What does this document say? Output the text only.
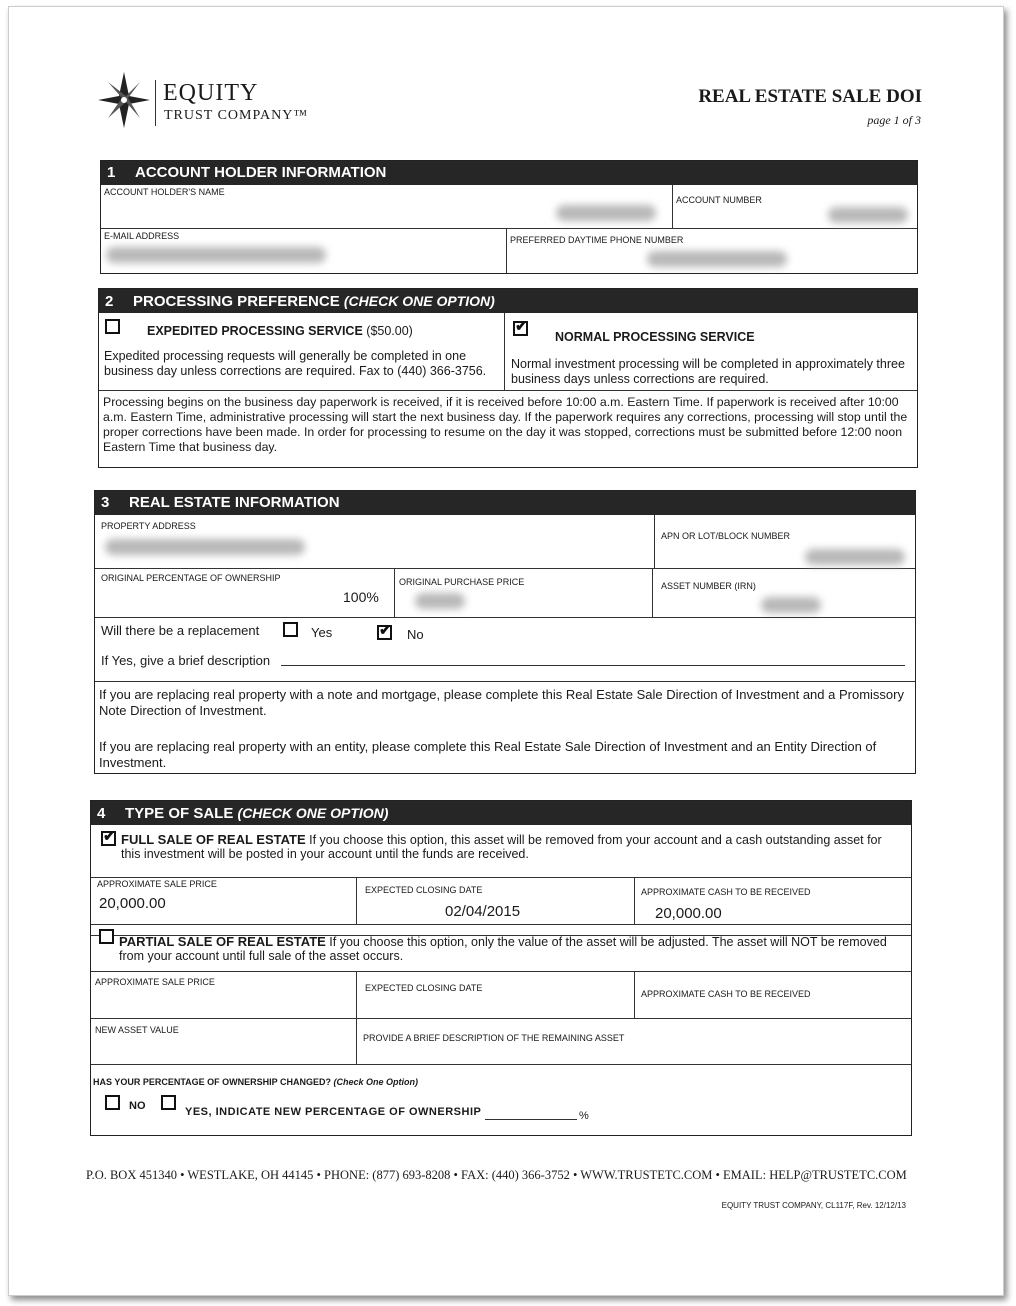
EQUITY
TRUST COMPANY™
REAL ESTATE SALE DOI
page 1 of 3
1 ACCOUNT HOLDER INFORMATION
ACCOUNT HOLDER'S NAME
ACCOUNT NUMBER
E-MAIL ADDRESS	PREFERRED DAYTIME PHONE NUMBER
2 PROCESSING PREFERENCE (CHECK ONE OPTION)
EXPEDITED PROCESSING SERVICE ($50.00)
Expedited processing requests will generally be completed in one business day unless corrections are required. Fax to (440) 366-3756.
✔
NORMAL PROCESSING SERVICE
Normal investment processing will be completed in approximately three business days unless corrections are required.
Processing begins on the business day paperwork is received, if it is received before 10:00 a.m. Eastern Time. If paperwork is received after 10:00 a.m. Eastern Time, administrative processing will start the next business day. If the paperwork requires any corrections, processing will stop until the proper corrections have been made. In order for processing to resume on the day it was stopped, corrections must be submitted before 12:00 noon Eastern Time that business day.
3 REAL ESTATE INFORMATION
PROPERTY ADDRESS
APN OR LOT/BLOCK NUMBER
ORIGINAL PERCENTAGE OF OWNERSHIP
100%
ORIGINAL PURCHASE PRICE	ASSET NUMBER (IRN)
Will there be a replacement	Yes
✔	No
If Yes, give a brief description
If you are replacing real property with a note and mortgage, please complete this Real Estate Sale Direction of Investment and a Promissory Note Direction of Investment.
If you are replacing real property with an entity, please complete this Real Estate Sale Direction of Investment and an Entity Direction of Investment.
4 TYPE OF SALE (CHECK ONE OPTION)
✔
FULL SALE OF REAL ESTATE If you choose this option, this asset will be removed from your account and a cash outstanding asset for this investment will be posted in your account until the funds are received.
APPROXIMATE SALE PRICE
20,000.00
EXPECTED CLOSING DATE
02/04/2015
APPROXIMATE CASH TO BE RECEIVED
20,000.00
PARTIAL SALE OF REAL ESTATE If you choose this option, only the value of the asset will be adjusted. The asset will NOT be removed from your account until full sale of the asset occurs.
APPROXIMATE SALE PRICE
EXPECTED CLOSING DATE
APPROXIMATE CASH TO BE RECEIVED
NEW ASSET VALUE
PROVIDE A BRIEF DESCRIPTION OF THE REMAINING ASSET
HAS YOUR PERCENTAGE OF OWNERSHIP CHANGED? (Check One Option)
NO	YES, INDICATE NEW PERCENTAGE OF OWNERSHIP	%
P.O. BOX 451340 • WESTLAKE, OH 44145 • PHONE: (877) 693-8208 • FAX: (440) 366-3752 • WWW.TRUSTETC.COM • EMAIL: HELP@TRUSTETC.COM
EQUITY TRUST COMPANY, CL117F, Rev. 12/12/13
